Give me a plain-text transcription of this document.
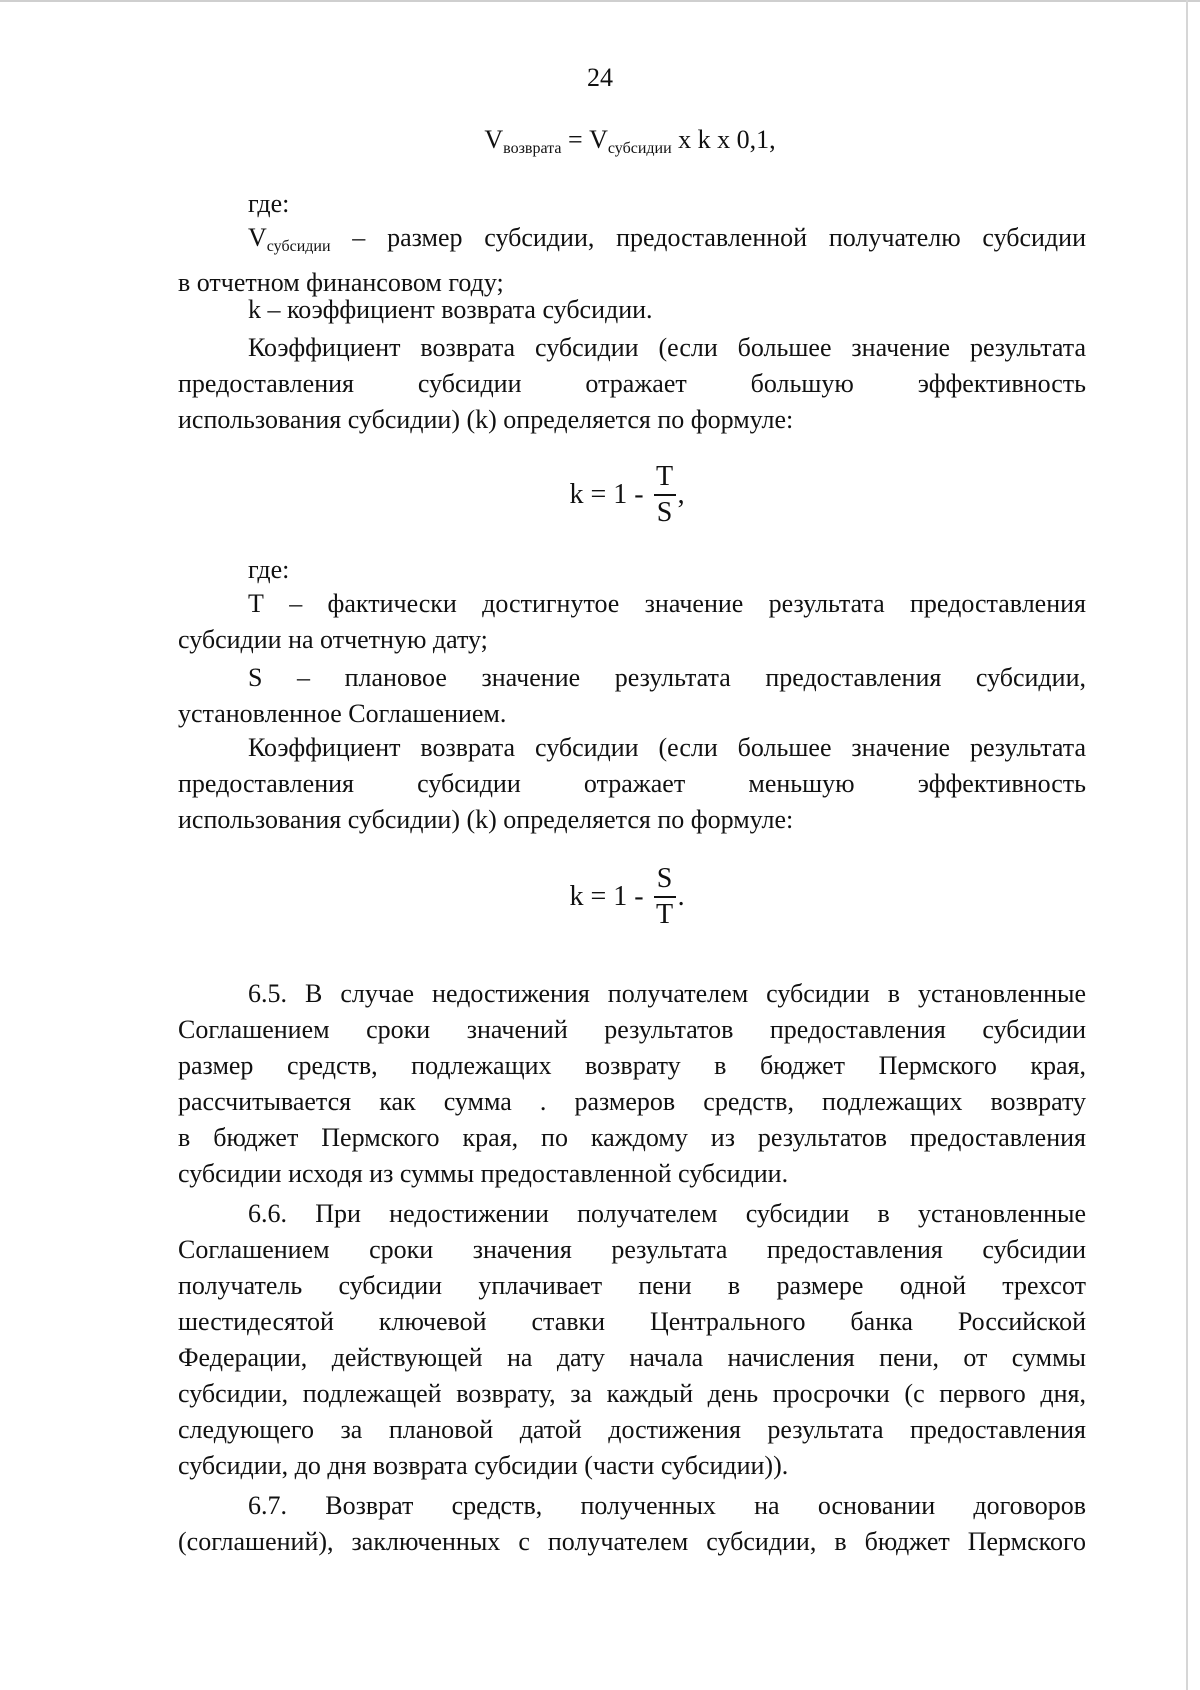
24
$V_{возврата} = V_{субсидии}$ x k x 0,1,
где:
$V_{субсидии}$ – размер субсидии, предоставленной получателю субсидии
в отчетном финансовом году;
k – коэффициент возврата субсидии.
Коэффициент возврата субсидии (если большее значение результата
предоставления субсидии отражает большую эффективность
использования субсидии) (k) определяется по формуле:
$k = 1 - \frac{T}{S}$ ,
где:
Т – фактически достигнутое значение результата предоставления
субсидии на отчетную дату;
S – плановое значение результата предоставления субсидии,
установленное Соглашением.
Коэффициент возврата субсидии (если большее значение результата
предоставления субсидии отражает меньшую эффективность
использования субсидии) (k) определяется по формуле:
$k = 1 - \frac{S}{T}$ .
6.5. В случае недостижения получателем субсидии в установленные
Соглашением сроки значений результатов предоставления субсидии
размер средств, подлежащих возврату в бюджет Пермского края,
рассчитывается как сумма . размеров средств, подлежащих возврату
в бюджет Пермского края, по каждому из результатов предоставления
субсидии исходя из суммы предоставленной субсидии.
6.6. При недостижении получателем субсидии в установленные
Соглашением сроки значения результата предоставления субсидии
получатель субсидии уплачивает пени в размере одной трехсот
шестидесятой ключевой ставки Центрального банка Российской
Федерации, действующей на дату начала начисления пени, от суммы
субсидии, подлежащей возврату, за каждый день просрочки (с первого дня,
следующего за плановой датой достижения результата предоставления
субсидии, до дня возврата субсидии (части субсидии)).
6.7. Возврат средств, полученных на основании договоров
(соглашений), заключенных с получателем субсидии, в бюджет Пермского
